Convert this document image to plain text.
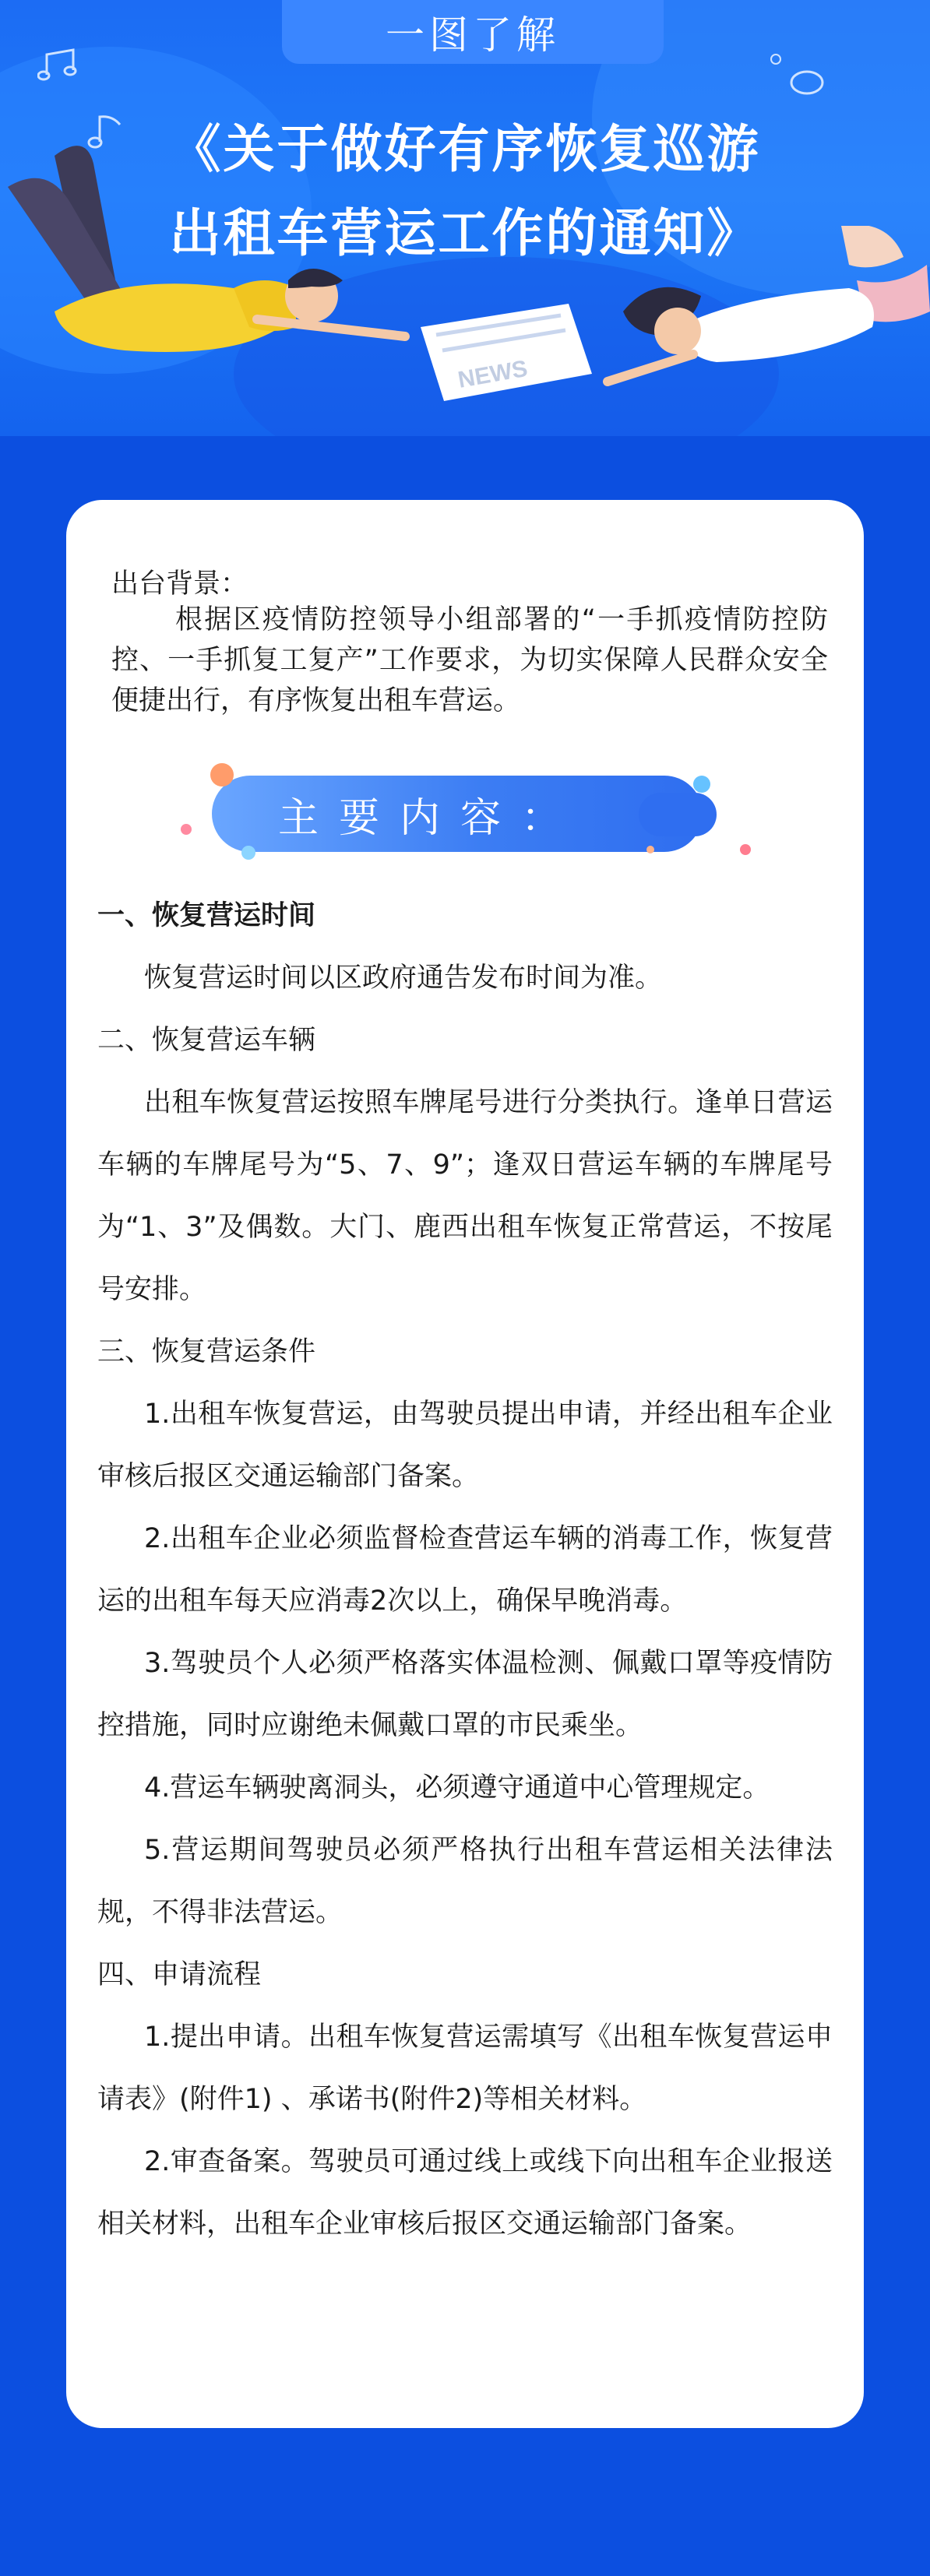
一图了解
《关于做好有序恢复巡游
出租车营运工作的通知》
NEWS
出台背景：
根据区疫情防控领导小组部署的“一手抓疫情防控防控、一手抓复工复产”工作要求，为切实保障人民群众安全便捷出行，有序恢复出租车营运。
主要内容：
一、恢复营运时间
恢复营运时间以区政府通告发布时间为准。
二、恢复营运车辆
出租车恢复营运按照车牌尾号进行分类执行。逢单日营运车辆的车牌尾号为“5、7、9”；逢双日营运车辆的车牌尾号为“1、3”及偶数。大门、鹿西出租车恢复正常营运，不按尾号安排。
三、恢复营运条件
1.出租车恢复营运，由驾驶员提出申请，并经出租车企业审核后报区交通运输部门备案。
2.出租车企业必须监督检查营运车辆的消毒工作，恢复营运的出租车每天应消毒2次以上，确保早晚消毒。
3.驾驶员个人必须严格落实体温检测、佩戴口罩等疫情防控措施，同时应谢绝未佩戴口罩的市民乘坐。
4.营运车辆驶离洞头，必须遵守通道中心管理规定。
5.营运期间驾驶员必须严格执行出租车营运相关法律法规，不得非法营运。
四、申请流程
1.提出申请。出租车恢复营运需填写《出租车恢复营运申请表》(附件1) 、承诺书(附件2)等相关材料。
2.审查备案。驾驶员可通过线上或线下向出租车企业报送相关材料，出租车企业审核后报区交通运输部门备案。
